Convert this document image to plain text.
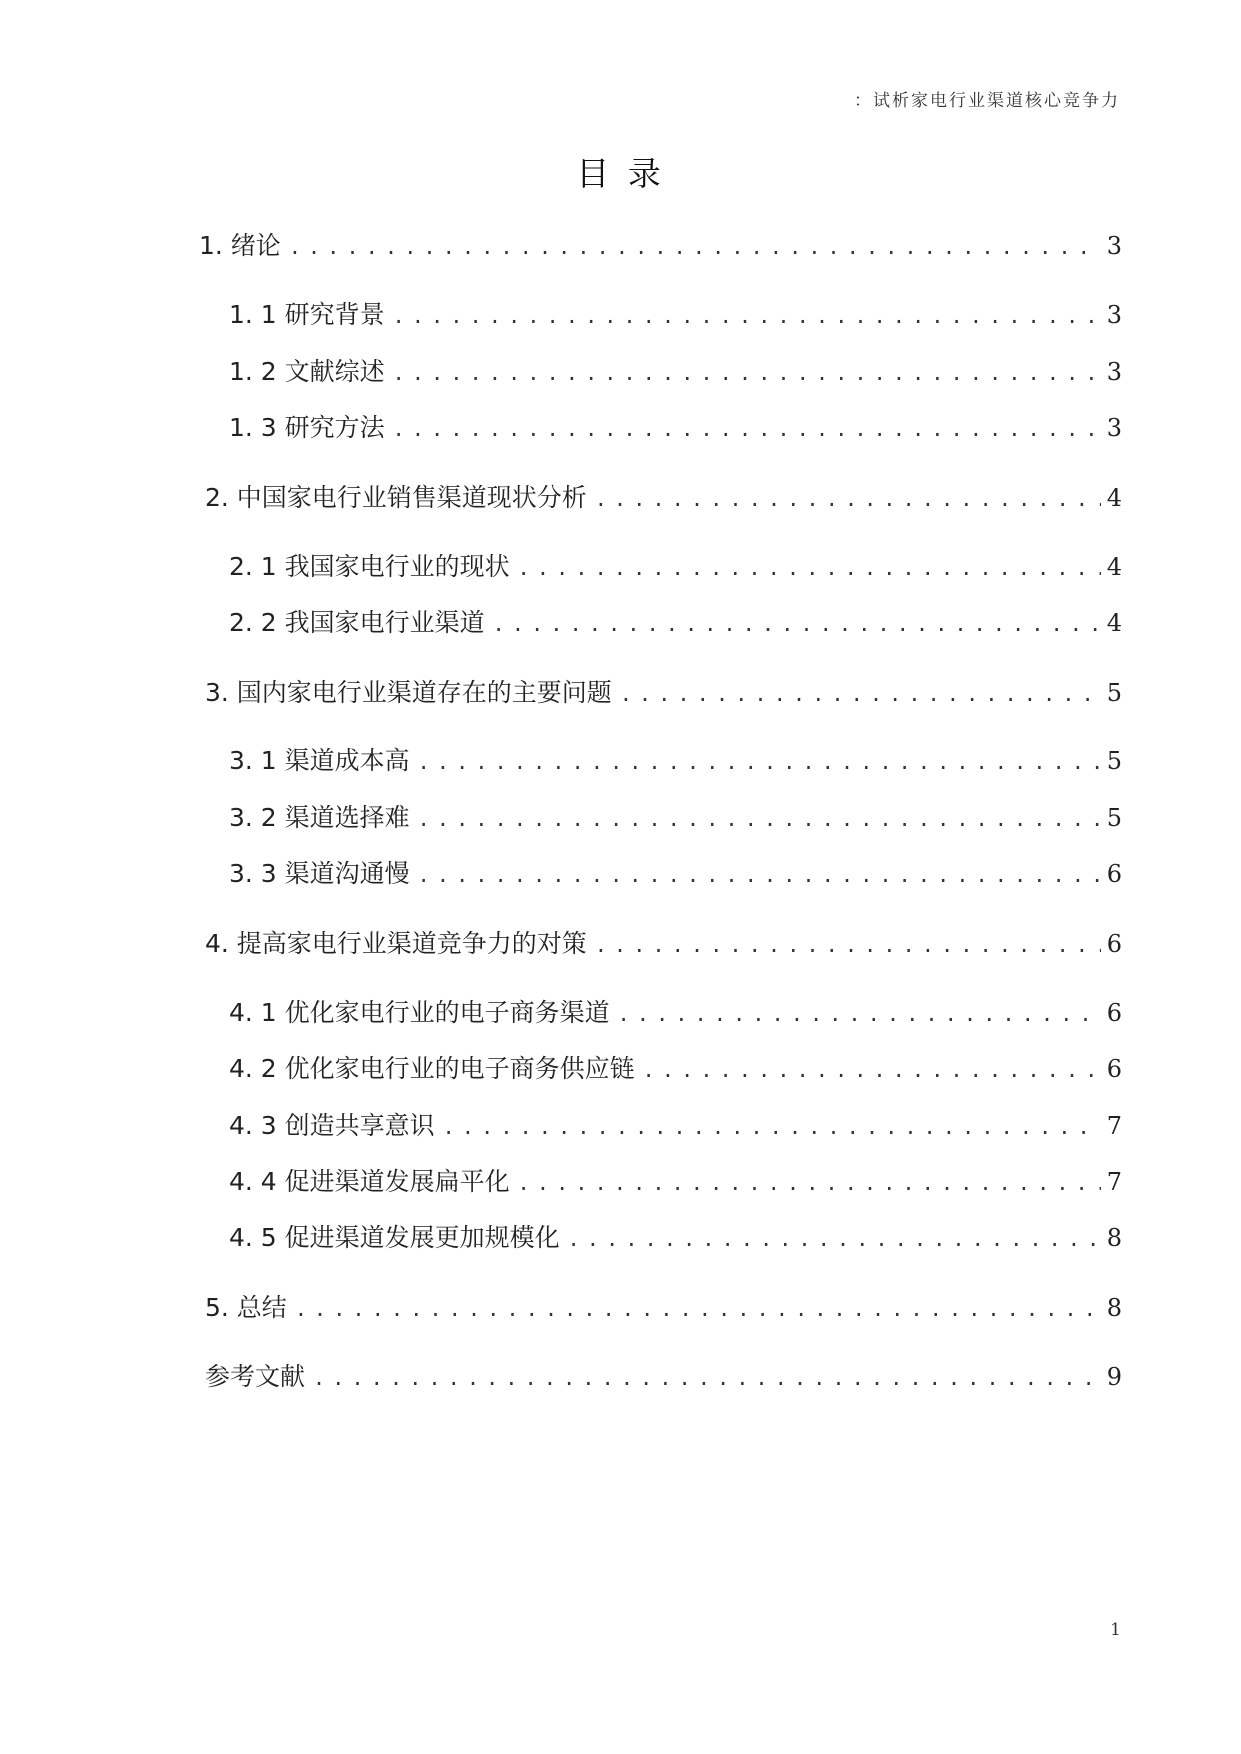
：试析家电行业渠道核心竞争力
目 录
1. 绪论 .....	3
1. 1 研究背景 .....	3
1. 2 文献综述 .....	3
1. 3 研究方法 .....	3
2. 中国家电行业销售渠道现状分析 .....	4
2. 1 我国家电行业的现状 .....	4
2. 2 我国家电行业渠道 .....	4
3. 国内家电行业渠道存在的主要问题 .....	5
3. 1 渠道成本高 .....	5
3. 2 渠道选择难 .....	5
3. 3 渠道沟通慢 .....	6
4. 提高家电行业渠道竞争力的对策 .....	6
4. 1 优化家电行业的电子商务渠道 .....	6
4. 2 优化家电行业的电子商务供应链 .....	6
4. 3 创造共享意识 .....	7
4. 4 促进渠道发展扁平化 .....	7
4. 5 促进渠道发展更加规模化 .....	8
5. 总结 .....	8
参考文献 .....	9
1
